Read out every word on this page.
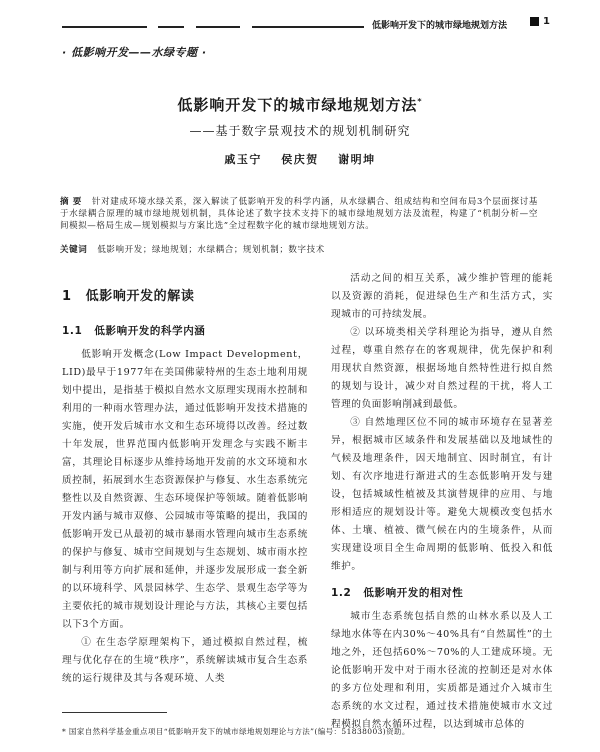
低影响开发下的城市绿地规划方法	1
· 低影响开发——水绿专题 ·
低影响开发下的城市绿地规划方法*
——基于数字景观技术的规划机制研究
戚玉宁 侯庆贺 谢明坤
摘 要 针对建成环境水绿关系，深入解读了低影响开发的科学内涵，从水绿耦合、组成结构和空间布局3个层面探讨基于水绿耦合原理的城市绿地规划机制，具体论述了数字技术支持下的城市绿地规划方法及流程，构建了“机制分析—空间模拟—格局生成—规划模拟与方案比选”全过程数字化的城市绿地规划方法。
关键词 低影响开发；绿地规划；水绿耦合；规划机制；数字技术
1 低影响开发的解读
1.1 低影响开发的科学内涵

低影响开发概念(Low Impact Development，LID)最早于1977年在美国佛蒙特州的生态土地利用规划中提出，是指基于模拟自然水文原理实现雨水控制和利用的一种雨水管理办法，通过低影响开发技术措施的实施，使开发后城市水文和生态环境得以改善。经过数十年发展，世界范围内低影响开发理念与实践不断丰富，其理论目标逐步从维持场地开发前的水文环境和水质控制，拓展到水生态资源保护与修复、水生态系统完整性以及自然资源、生态环境保护等领域。随着低影响开发内涵与城市双修、公园城市等策略的提出，我国的低影响开发已从最初的城市暴雨水管理向城市生态系统的保护与修复、城市空间规划与生态规划、城市雨水控制与利用等方向扩展和延伸，并逐步发展形成一套全新的以环境科学、风景园林学、生态学、景观生态学等为主要依托的城市规划设计理论与方法，其核心主要包括以下3个方面。

① 在生态学原理架构下，通过模拟自然过程，梳理与优化存在的生境“秩序”，系统解读城市复合生态系统的运行规律及其与各观环境、人类

活动之间的相互关系，减少维护管理的能耗以及资源的消耗，促进绿色生产和生活方式，实现城市的可持续发展。

② 以环境类相关学科理论为指导，遵从自然过程，尊重自然存在的客观规律，优先保护和利用现状自然资源，根据场地自然特性进行拟自然的规划与设计，减少对自然过程的干扰，将人工管理的负面影响削减到最低。

③ 自然地理区位不同的城市环境存在显著差异，根据城市区域条件和发展基础以及地域性的气候及地理条件，因天地制宜、因时制宜，有计划、有次序地进行渐进式的生态低影响开发与建设，包括城域性植被及其演替规律的应用、与地形相适应的规划设计等。避免大规模改变包括水体、土壤、植被、微气候在内的生境条件，从而实现建设项目全生命周期的低影响、低投入和低维护。

1.2 低影响开发的相对性

城市生态系统包括自然的山林水系以及人工绿地水体等在内30%～40%具有“自然属性”的土地之外，还包括60%～70%的人工建成环境。无论低影响开发中对于雨水径流的控制还是对水体的多方位处理和利用，实质都是通过介入城市生态系统的水文过程，通过技术措施使城市水文过程模拟自然水循环过程，以达到城市总体的

* 国家自然科学基金重点项目“低影响开发下的城市绿地规划理论与方法”(编号：51838003)资助。
